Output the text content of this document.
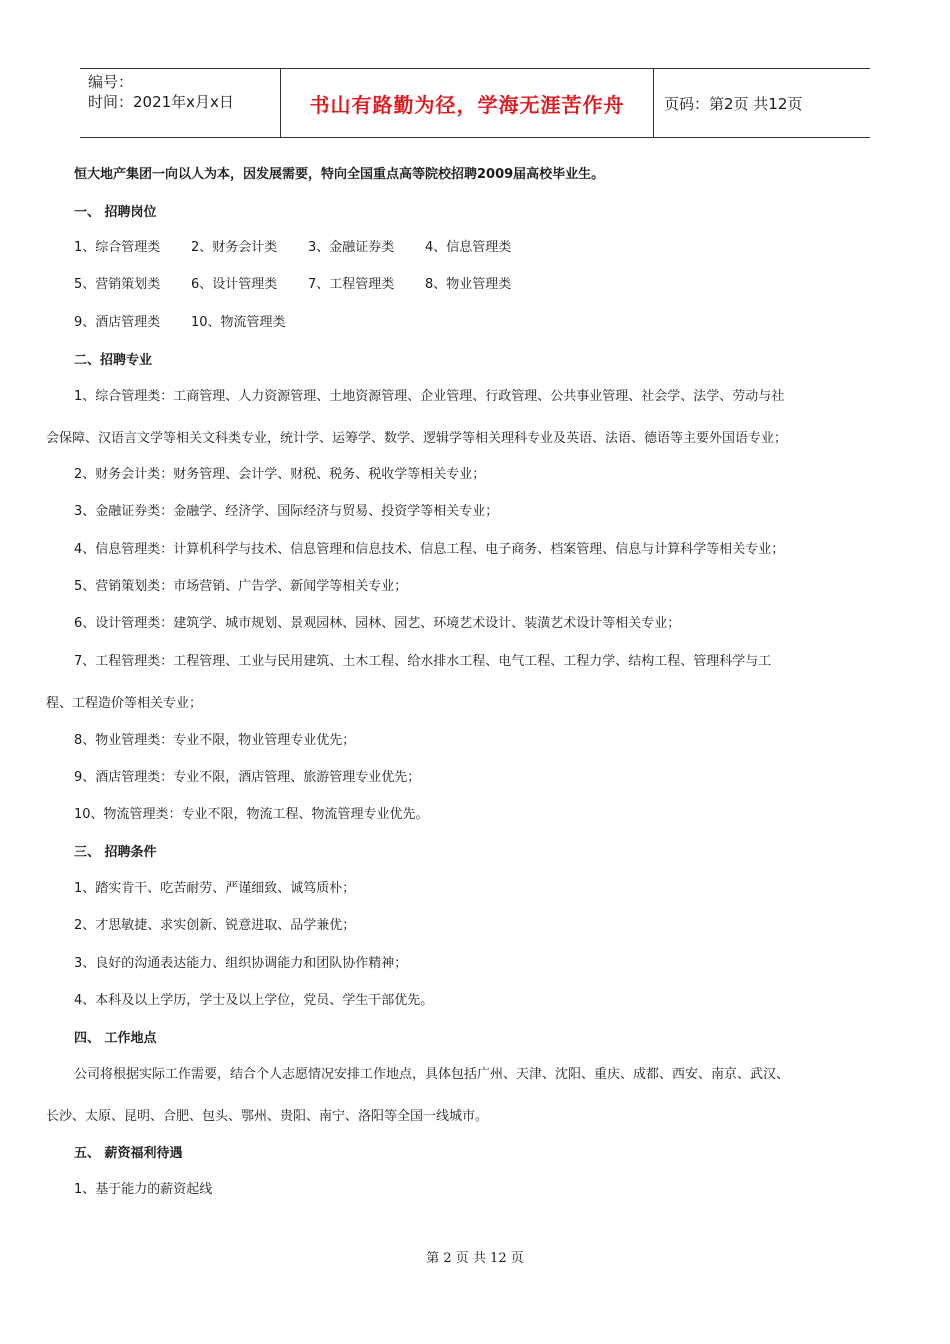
编号：
时间：2021年x月x日	书山有路勤为径，学海无涯苦作舟	页码：第2页 共12页
恒大地产集团一向以人为本，因发展需要，特向全国重点高等院校招聘2009届高校毕业生。
一、 招聘岗位
1、综合管理类 2、财务会计类 3、金融证券类 4、信息管理类
5、营销策划类 6、设计管理类 7、工程管理类 8、物业管理类
9、酒店管理类 10、物流管理类
二、招聘专业
1、综合管理类：工商管理、人力资源管理、土地资源管理、企业管理、行政管理、公共事业管理、社会学、法学、劳动与社
会保障、汉语言文学等相关文科类专业，统计学、运筹学、数学、逻辑学等相关理科专业及英语、法语、德语等主要外国语专业；
2、财务会计类：财务管理、会计学、财税、税务、税收学等相关专业；
3、金融证券类：金融学、经济学、国际经济与贸易、投资学等相关专业；
4、信息管理类：计算机科学与技术、信息管理和信息技术、信息工程、电子商务、档案管理、信息与计算科学等相关专业；
5、营销策划类：市场营销、广告学、新闻学等相关专业；
6、设计管理类：建筑学、城市规划、景观园林、园林、园艺、环境艺术设计、装潢艺术设计等相关专业；
7、工程管理类：工程管理、工业与民用建筑、土木工程、给水排水工程、电气工程、工程力学、结构工程、管理科学与工
程、工程造价等相关专业；
8、物业管理类：专业不限，物业管理专业优先；
9、酒店管理类：专业不限，酒店管理、旅游管理专业优先；
10、物流管理类：专业不限，物流工程、物流管理专业优先。
三、 招聘条件
1、踏实肯干、吃苦耐劳、严谨细致、诚笃质朴；
2、才思敏捷、求实创新、锐意进取、品学兼优；
3、良好的沟通表达能力、组织协调能力和团队协作精神；
4、本科及以上学历，学士及以上学位，党员、学生干部优先。
四、 工作地点
公司将根据实际工作需要，结合个人志愿情况安排工作地点，具体包括广州、天津、沈阳、重庆、成都、西安、南京、武汉、
长沙、太原、昆明、合肥、包头、鄂州、贵阳、南宁、洛阳等全国一线城市。
五、 薪资福利待遇
1、基于能力的薪资起线
第 2 页 共 12 页
